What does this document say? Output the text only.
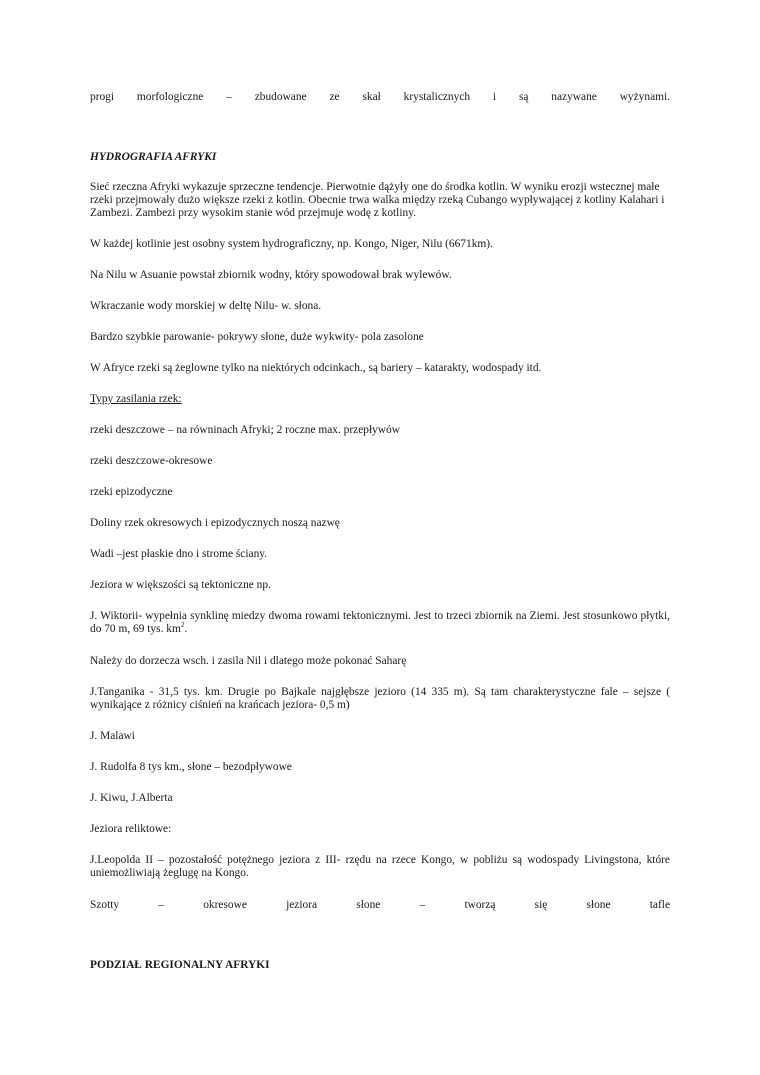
progi morfologiczne – zbudowane ze skał krystalicznych i są nazywane wyżynami.

HYDROGRAFIA AFRYKI

Sieć rzeczna Afryki wykazuje sprzeczne tendencje. Pierwotnie dążyły one do środka kotlin. W wyniku erozji wstecznej małe rzeki przejmowały dużo większe rzeki z kotlin. Obecnie trwa walka między rzeką Cubango wypływającej z kotliny Kalahari i Zambezi. Zambezi przy wysokim stanie wód przejmuje wodę z kotliny.

W każdej kotlinie jest osobny system hydrograficzny, np. Kongo, Niger, Nilu (6671km).

Na Nilu w Asuanie powstał zbiornik wodny, który spowodował brak wylewów.

Wkraczanie wody morskiej w deltę Nilu- w. słona.

Bardzo szybkie parowanie- pokrywy słone, duże wykwity- pola zasolone

W Afryce rzeki są żeglowne tylko na niektórych odcinkach., są bariery – katarakty, wodospady itd.

Typy zasilania rzek:

rzeki deszczowe – na równinach Afryki; 2 roczne max. przepływów

rzeki deszczowe-okresowe

rzeki epizodyczne

Doliny rzek okresowych i epizodycznych noszą nazwę

Wadi –jest płaskie dno i strome ściany.

Jeziora w większości są tektoniczne np.

J. Wiktorii- wypełnia synklinę miedzy dwoma rowami tektonicznymi. Jest to trzeci zbiornik na Ziemi. Jest stosunkowo płytki, do 70 m, 69 tys. $km^2$.

Należy do dorzecza wsch. i zasila Nil i dlatego może pokonać Saharę

J.Tanganika - 31,5 tys. km. Drugie po Bajkale najgłębsze jezioro (14 335 m). Są tam charakterystyczne fale – sejsze ( wynikające z różnicy ciśnień na krańcach jeziora- 0,5 m)

J. Malawi

J. Rudolfa 8 tys km., słone – bezodpływowe

J. Kiwu, J.Alberta

Jeziora reliktowe:

J.Leopolda II – pozostałość potężnego jeziora z III- rzędu na rzece Kongo, w pobliżu są wodospady Livingstona, które uniemożliwiają żeglugę na Kongo.

Szotty – okresowe jeziora słone – tworzą się słone tafle

PODZIAŁ REGIONALNY AFRYKI
